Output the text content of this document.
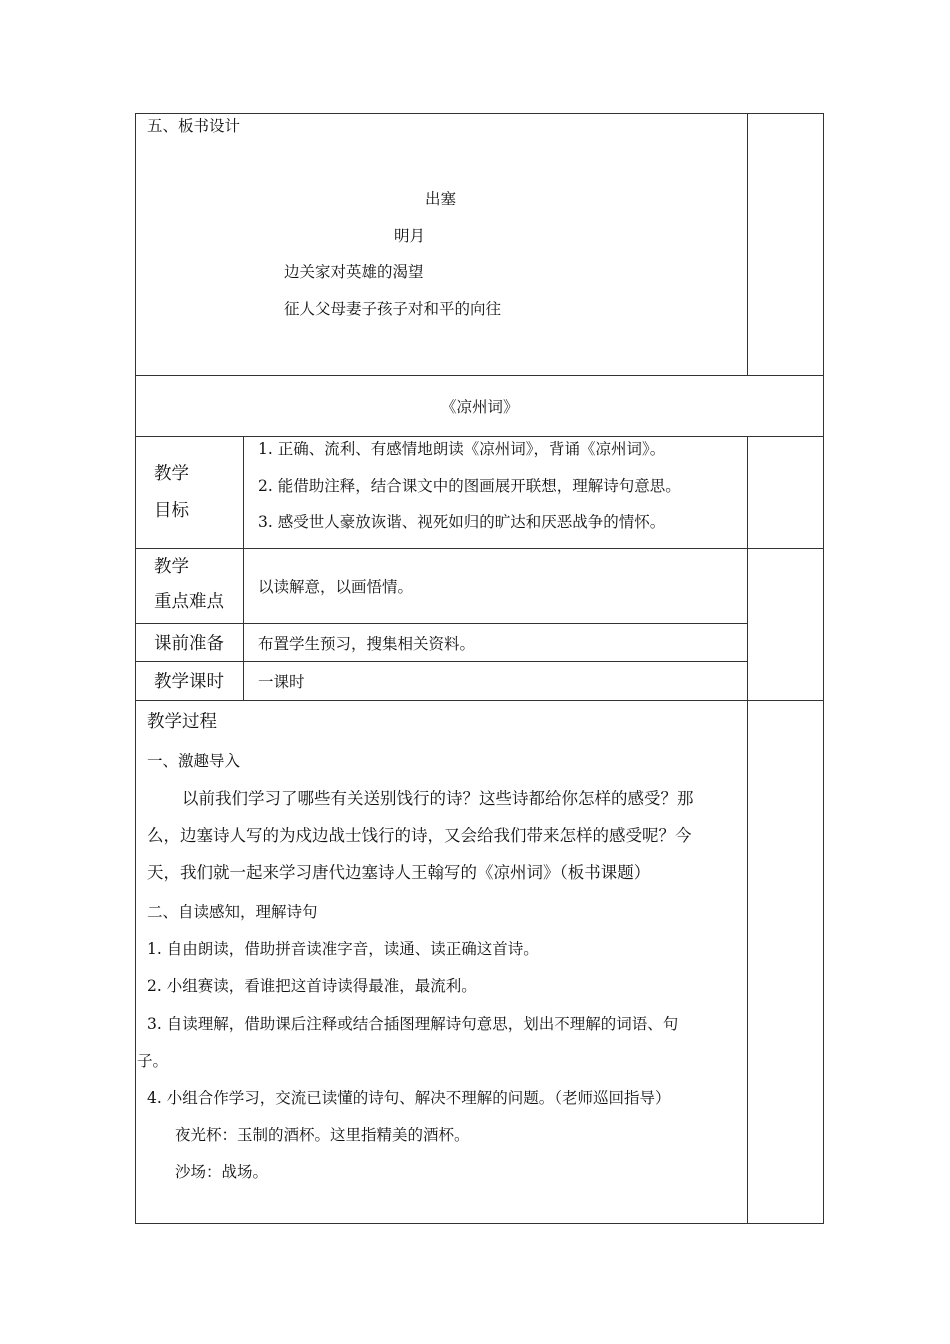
五、板书设计
出塞
明月
边关家对英雄的渴望
征人父母妻子孩子对和平的向往
《凉州词》
教学
目标
1. 正确、流利、有感情地朗读《凉州词》，背诵《凉州词》。
2. 能借助注释，结合课文中的图画展开联想，理解诗句意思。
3. 感受世人豪放诙谐、视死如归的旷达和厌恶战争的情怀。
教学
重点难点
以读解意，以画悟情。
课前准备 布置学生预习，搜集相关资料。
教学课时 一课时
教学过程
一、激趣导入
以前我们学习了哪些有关送别饯行的诗？这些诗都给你怎样的感受？那
么，边塞诗人写的为戍边战士饯行的诗，又会给我们带来怎样的感受呢？今
天，我们就一起来学习唐代边塞诗人王翰写的《凉州词》（板书课题）
二、自读感知，理解诗句
1. 自由朗读，借助拼音读准字音，读通、读正确这首诗。
2. 小组赛读，看谁把这首诗读得最准，最流利。
3. 自读理解，借助课后注释或结合插图理解诗句意思，划出不理解的词语、句
子。
4. 小组合作学习，交流已读懂的诗句、解决不理解的问题。（老师巡回指导）
夜光杯：玉制的酒杯。这里指精美的酒杯。
沙场：战场。
